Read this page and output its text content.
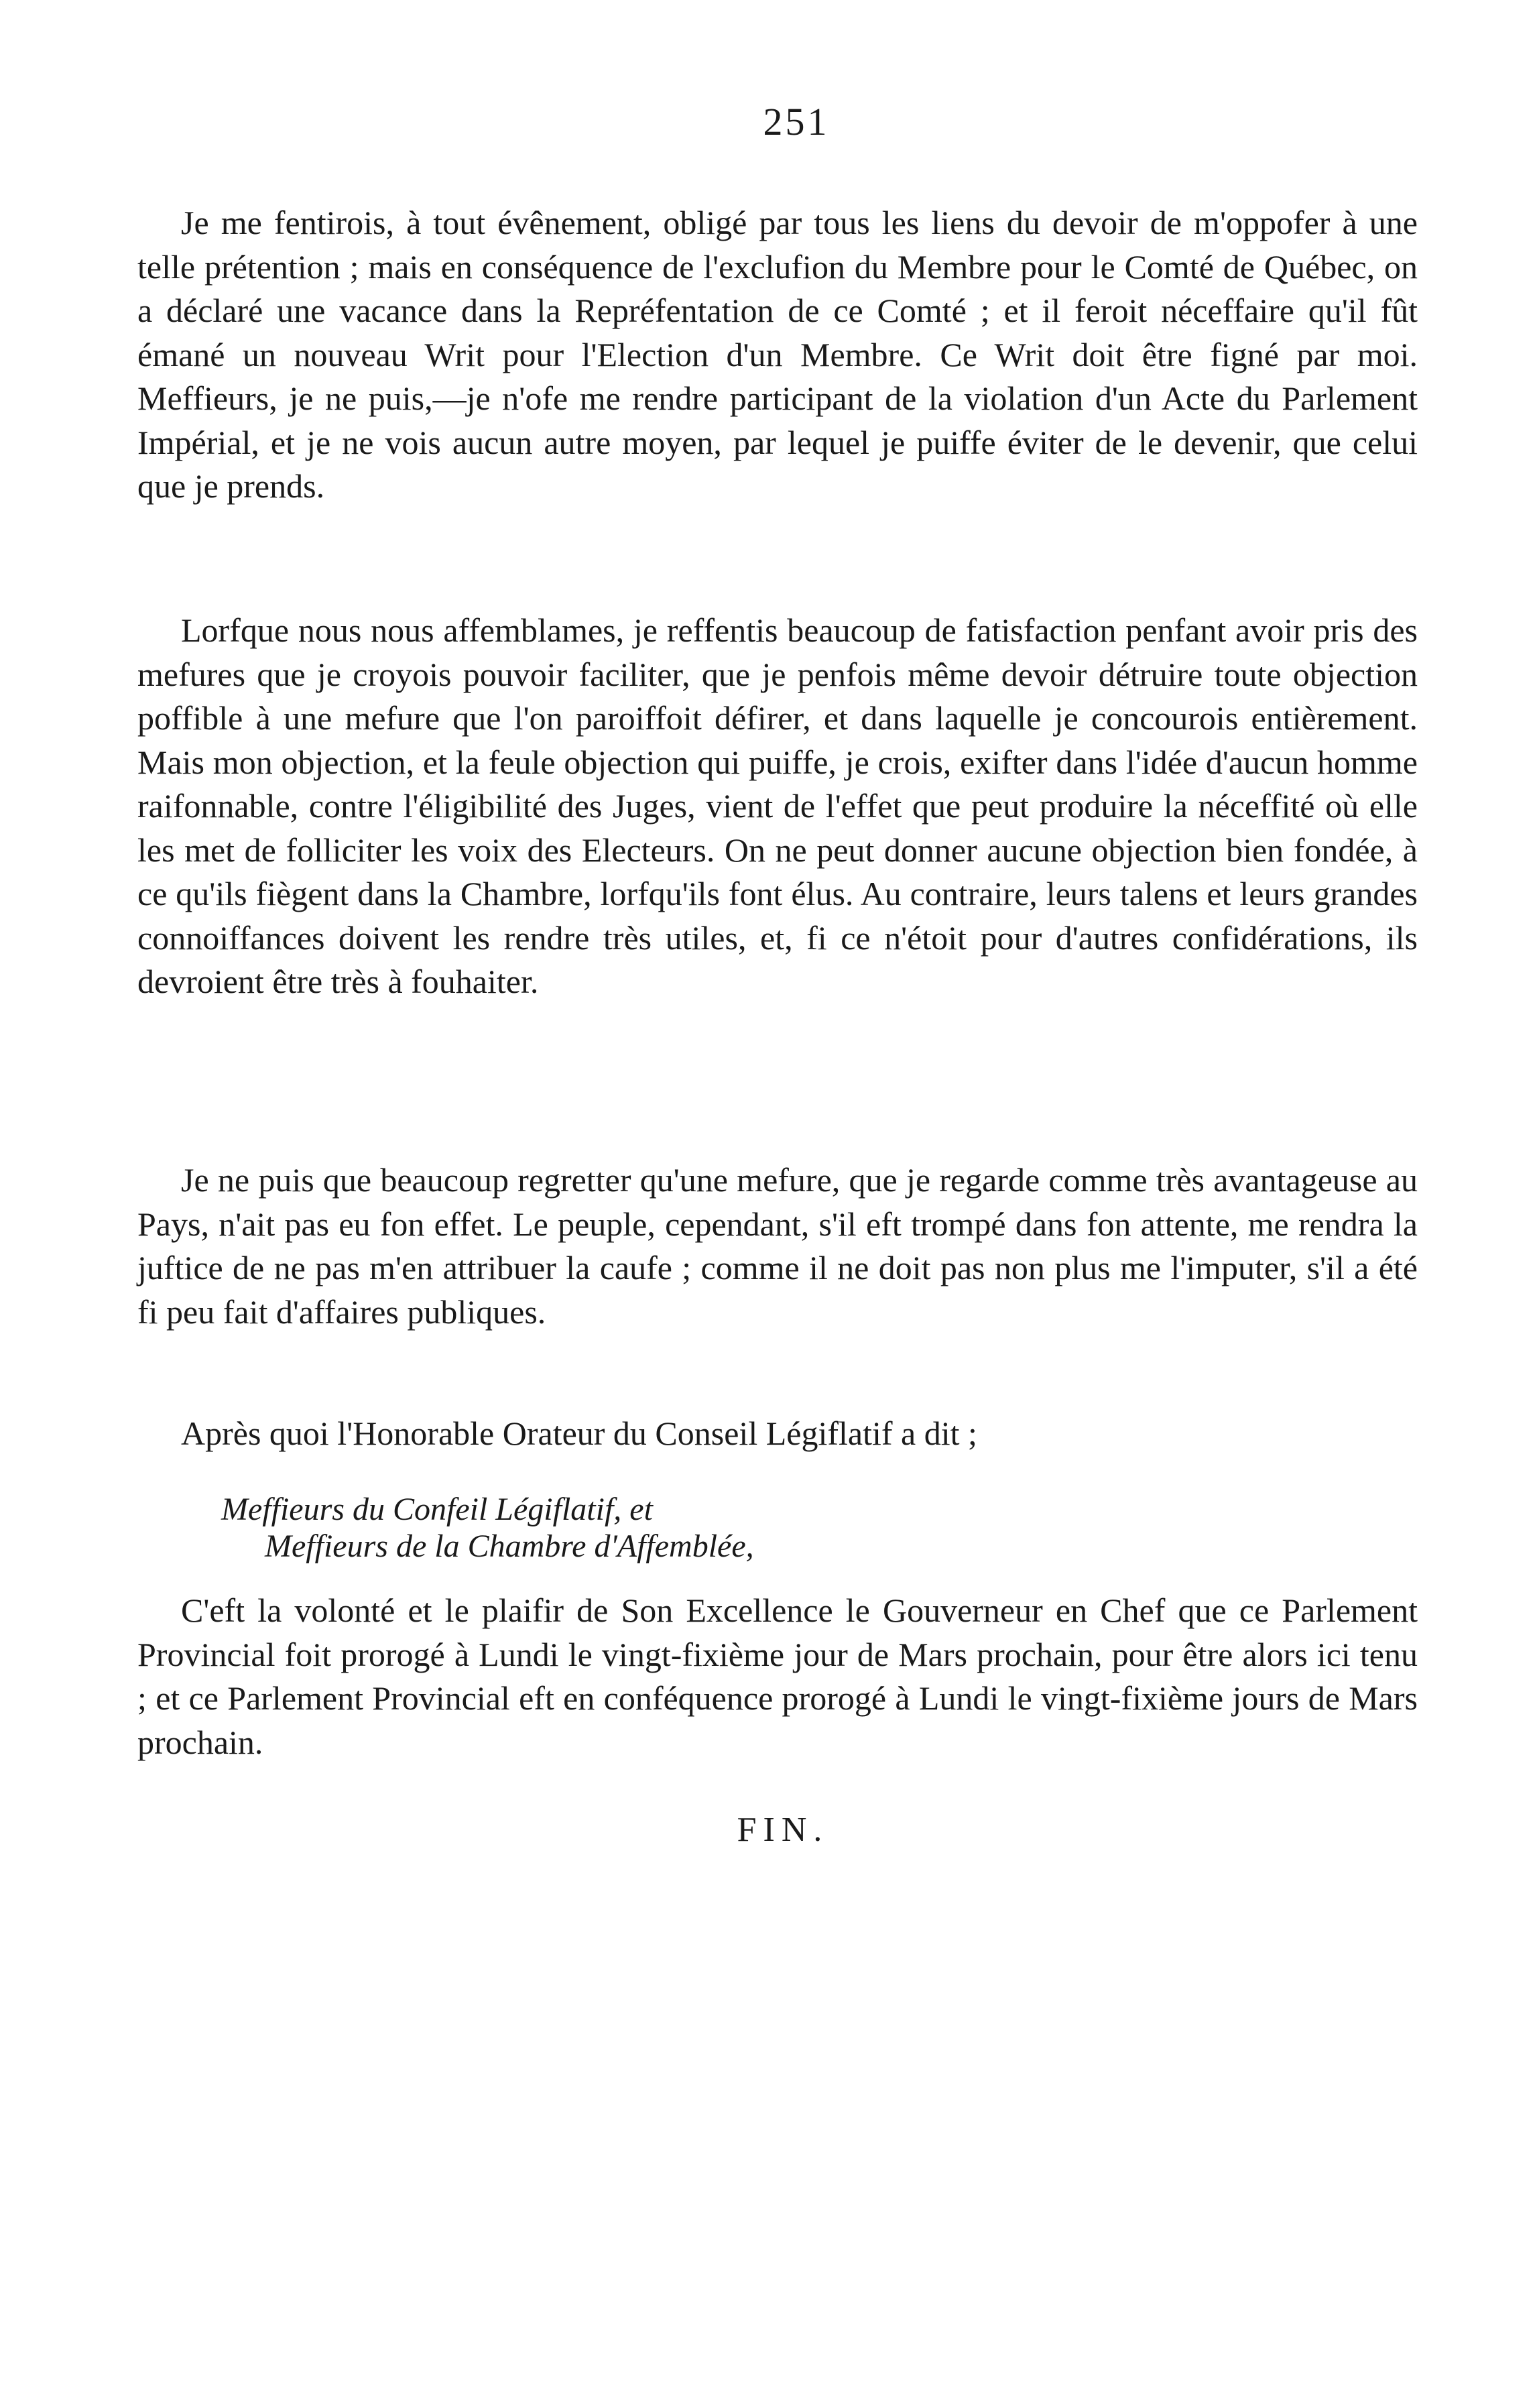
251

Je me fentirois, à tout évênement, obligé par tous les liens du devoir de m'oppofer à une telle prétention ; mais en conséquence de l'exclufion du Membre pour le Comté de Québec, on a déclaré une vacance dans la Repréfentation de ce Comté ; et il feroit néceffaire qu'il fût émané un nouveau Writ pour l'Election d'un Membre. Ce Writ doit être figné par moi. Meffieurs, je ne puis,—je n'ofe me rendre participant de la violation d'un Acte du Parlement Impérial, et je ne vois aucun autre moyen, par lequel je puiffe éviter de le devenir, que celui que je prends.

Lorfque nous nous affemblames, je reffentis beaucoup de fatisfaction penfant avoir pris des mefures que je croyois pouvoir faciliter, que je penfois même devoir détruire toute objection poffible à une mefure que l'on paroiffoit défirer, et dans laquelle je concourois entièrement. Mais mon objection, et la feule objection qui puiffe, je crois, exifter dans l'idée d'aucun homme raifonnable, contre l'éligibilité des Juges, vient de l'effet que peut produire la néceffité où elle les met de folliciter les voix des Electeurs. On ne peut donner aucune objection bien fondée, à ce qu'ils fiègent dans la Chambre, lorfqu'ils font élus. Au contraire, leurs talens et leurs grandes connoiffances doivent les rendre très utiles, et, fi ce n'étoit pour d'autres confidérations, ils devroient être très à fouhaiter.

Je ne puis que beaucoup regretter qu'une mefure, que je regarde comme très avantageuse au Pays, n'ait pas eu fon effet. Le peuple, cependant, s'il eft trompé dans fon attente, me rendra la juftice de ne pas m'en attribuer la caufe ; comme il ne doit pas non plus me l'imputer, s'il a été fi peu fait d'affaires publiques.

Après quoi l'Honorable Orateur du Conseil Légiflatif a dit ;

Meffieurs du Confeil Légiflatif, et
Meffieurs de la Chambre d'Affemblée,

C'eft la volonté et le plaifir de Son Excellence le Gouverneur en Chef que ce Parlement Provincial foit prorogé à Lundi le vingt-fixième jour de Mars prochain, pour être alors ici tenu ; et ce Parlement Provincial eft en conféquence prorogé à Lundi le vingt-fixième jours de Mars prochain.

FIN.
